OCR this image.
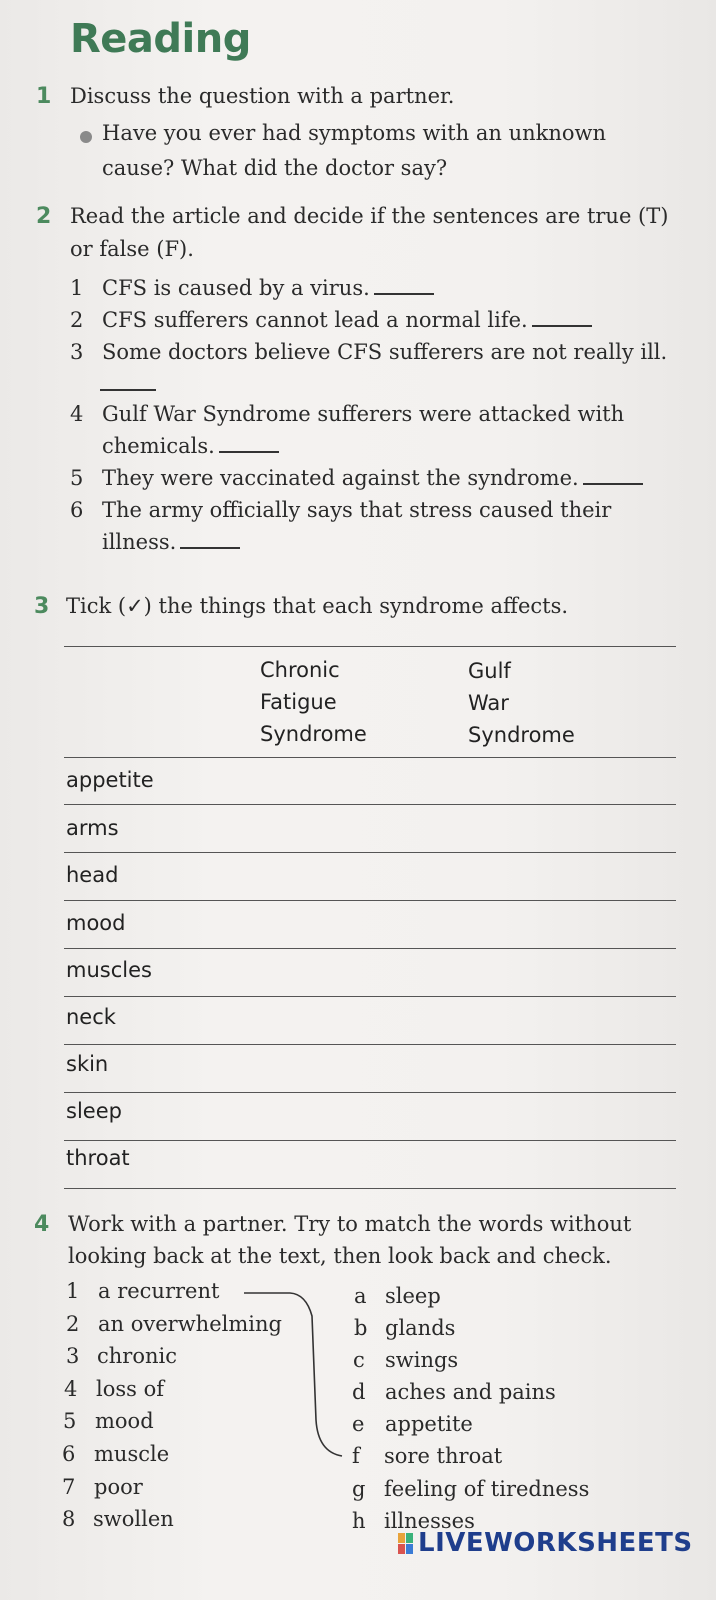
Reading
1 Discuss the question with a partner.
Have you ever had symptoms with an unknown
cause? What did the doctor say?
2 Read the article and decide if the sentences are true (T)
or false (F).
1 CFS is caused by a virus.
2 CFS sufferers cannot lead a normal life.
3 Some doctors believe CFS sufferers are not really ill.
4 Gulf War Syndrome sufferers were attacked with
chemicals.
5 They were vaccinated against the syndrome.
6 The army officially says that stress caused their
illness.
3 Tick (✓) the things that each syndrome affects.
Chronic
Fatigue
Syndrome
Gulf
War
Syndrome
appetite
arms
head
mood
muscles
neck
skin
sleep
throat
4 Work with a partner. Try to match the words without
looking back at the text, then look back and check.
1 a recurrent
2 an overwhelming
3 chronic
4 loss of
5 mood
6 muscle
7 poor
8 swollen
a sleep
b glands
c swings
d aches and pains
e appetite
f sore throat
g feeling of tiredness
h illnesses
LIVEWORKSHEETS
